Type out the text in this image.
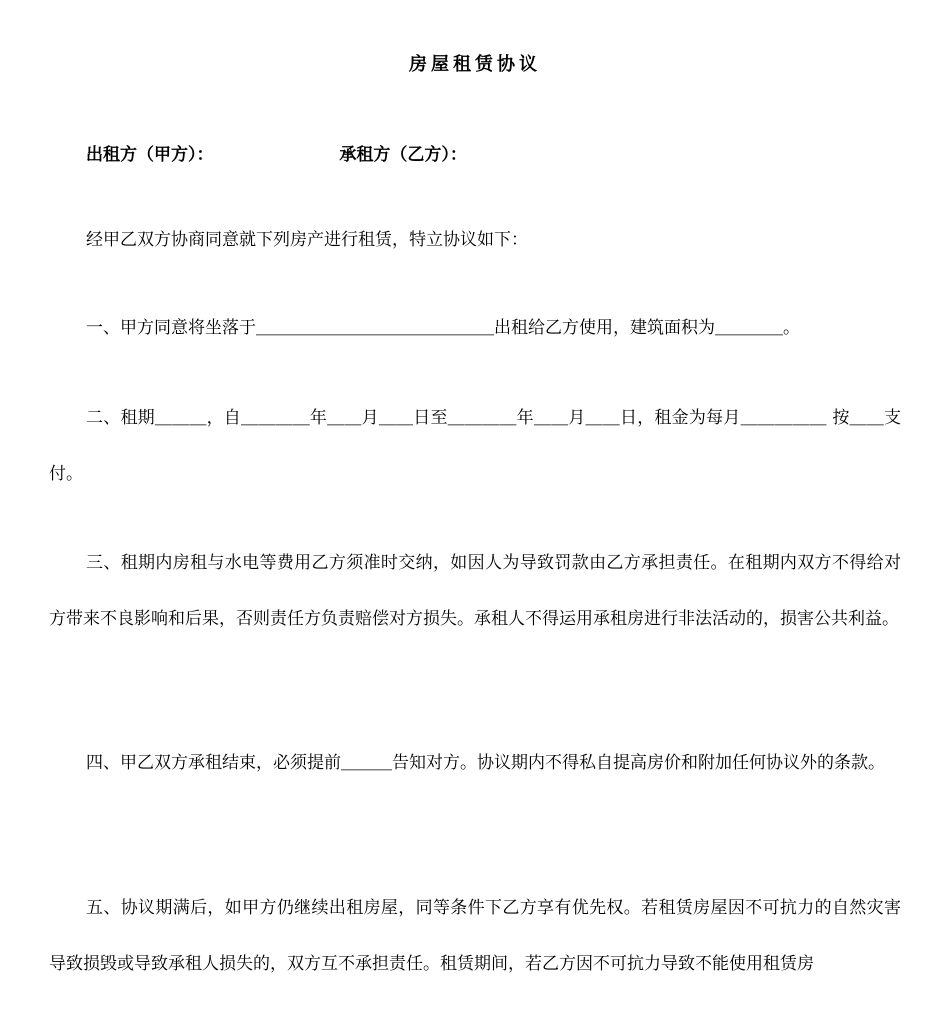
房屋租赁协议
出租方（甲方）：	承租方（乙方）：

经甲乙双方协商同意就下列房产进行租赁，特立协议如下：

一、甲方同意将坐落于＿＿＿＿＿＿＿＿＿＿＿＿＿＿出租给乙方使用，建筑面积为＿＿＿＿。

二、租期＿＿＿，自＿＿＿＿年＿＿月＿＿日至＿＿＿＿年＿＿月＿＿日，租金为每月＿＿＿＿＿ 按＿＿支付。

三、租期内房租与水电等费用乙方须准时交纳，如因人为导致罚款由乙方承担责任。在租期内双方不得给对方带来不良影响和后果，否则责任方负责赔偿对方损失。承租人不得运用承租房进行非法活动的，损害公共利益。

四、甲乙双方承租结束，必须提前＿＿＿告知对方。协议期内不得私自提高房价和附加任何协议外的条款。

五、协议期满后，如甲方仍继续出租房屋，同等条件下乙方享有优先权。若租赁房屋因不可抗力的自然灾害导致损毁或导致承租人损失的，双方互不承担责任。租赁期间，若乙方因不可抗力导致不能使用租赁房
